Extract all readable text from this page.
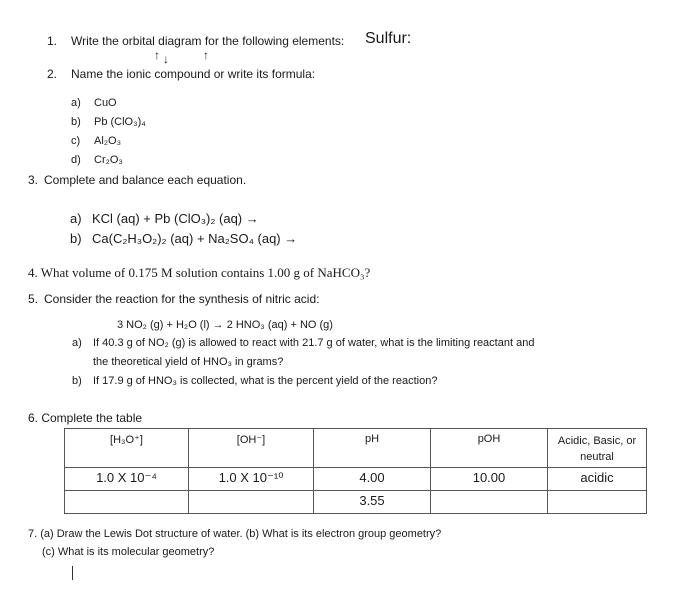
1. Write the orbital diagram for the following elements: Sulfur:
↑ ↓	↑
2. Name the ionic compound or write its formula:
a) CuO
b) Pb (ClO₃)₄
c) Al₂O₃
d) Cr₂O₃
3. Complete and balance each equation.
a) KCl (aq) + Pb (ClO₃)₂ (aq) →
b) Ca(C₂H₃O₂)₂ (aq) + Na₂SO₄ (aq) →
4. What volume of 0.175 M solution contains 1.00 g of NaHCO₃?
5. Consider the reaction for the synthesis of nitric acid:
3 NO₂ (g) + H₂O (l) → 2 HNO₃ (aq) + NO (g)
a) If 40.3 g of NO₂ (g) is allowed to react with 21.7 g of water, what is the limiting reactant and
the theoretical yield of HNO₃ in grams?
b) If 17.9 g of HNO₃ is collected, what is the percent yield of the reaction?
6. Complete the table
[H₃O⁺]	[OH⁻]	pH	pOH	Acidic, Basic, or
neutral

1.0 X 10⁻⁴	1.0 X 10⁻¹⁰	4.00	10.00	acidic
		3.55		
7. (a) Draw the Lewis Dot structure of water. (b) What is its electron group geometry?
(c) What is its molecular geometry?
